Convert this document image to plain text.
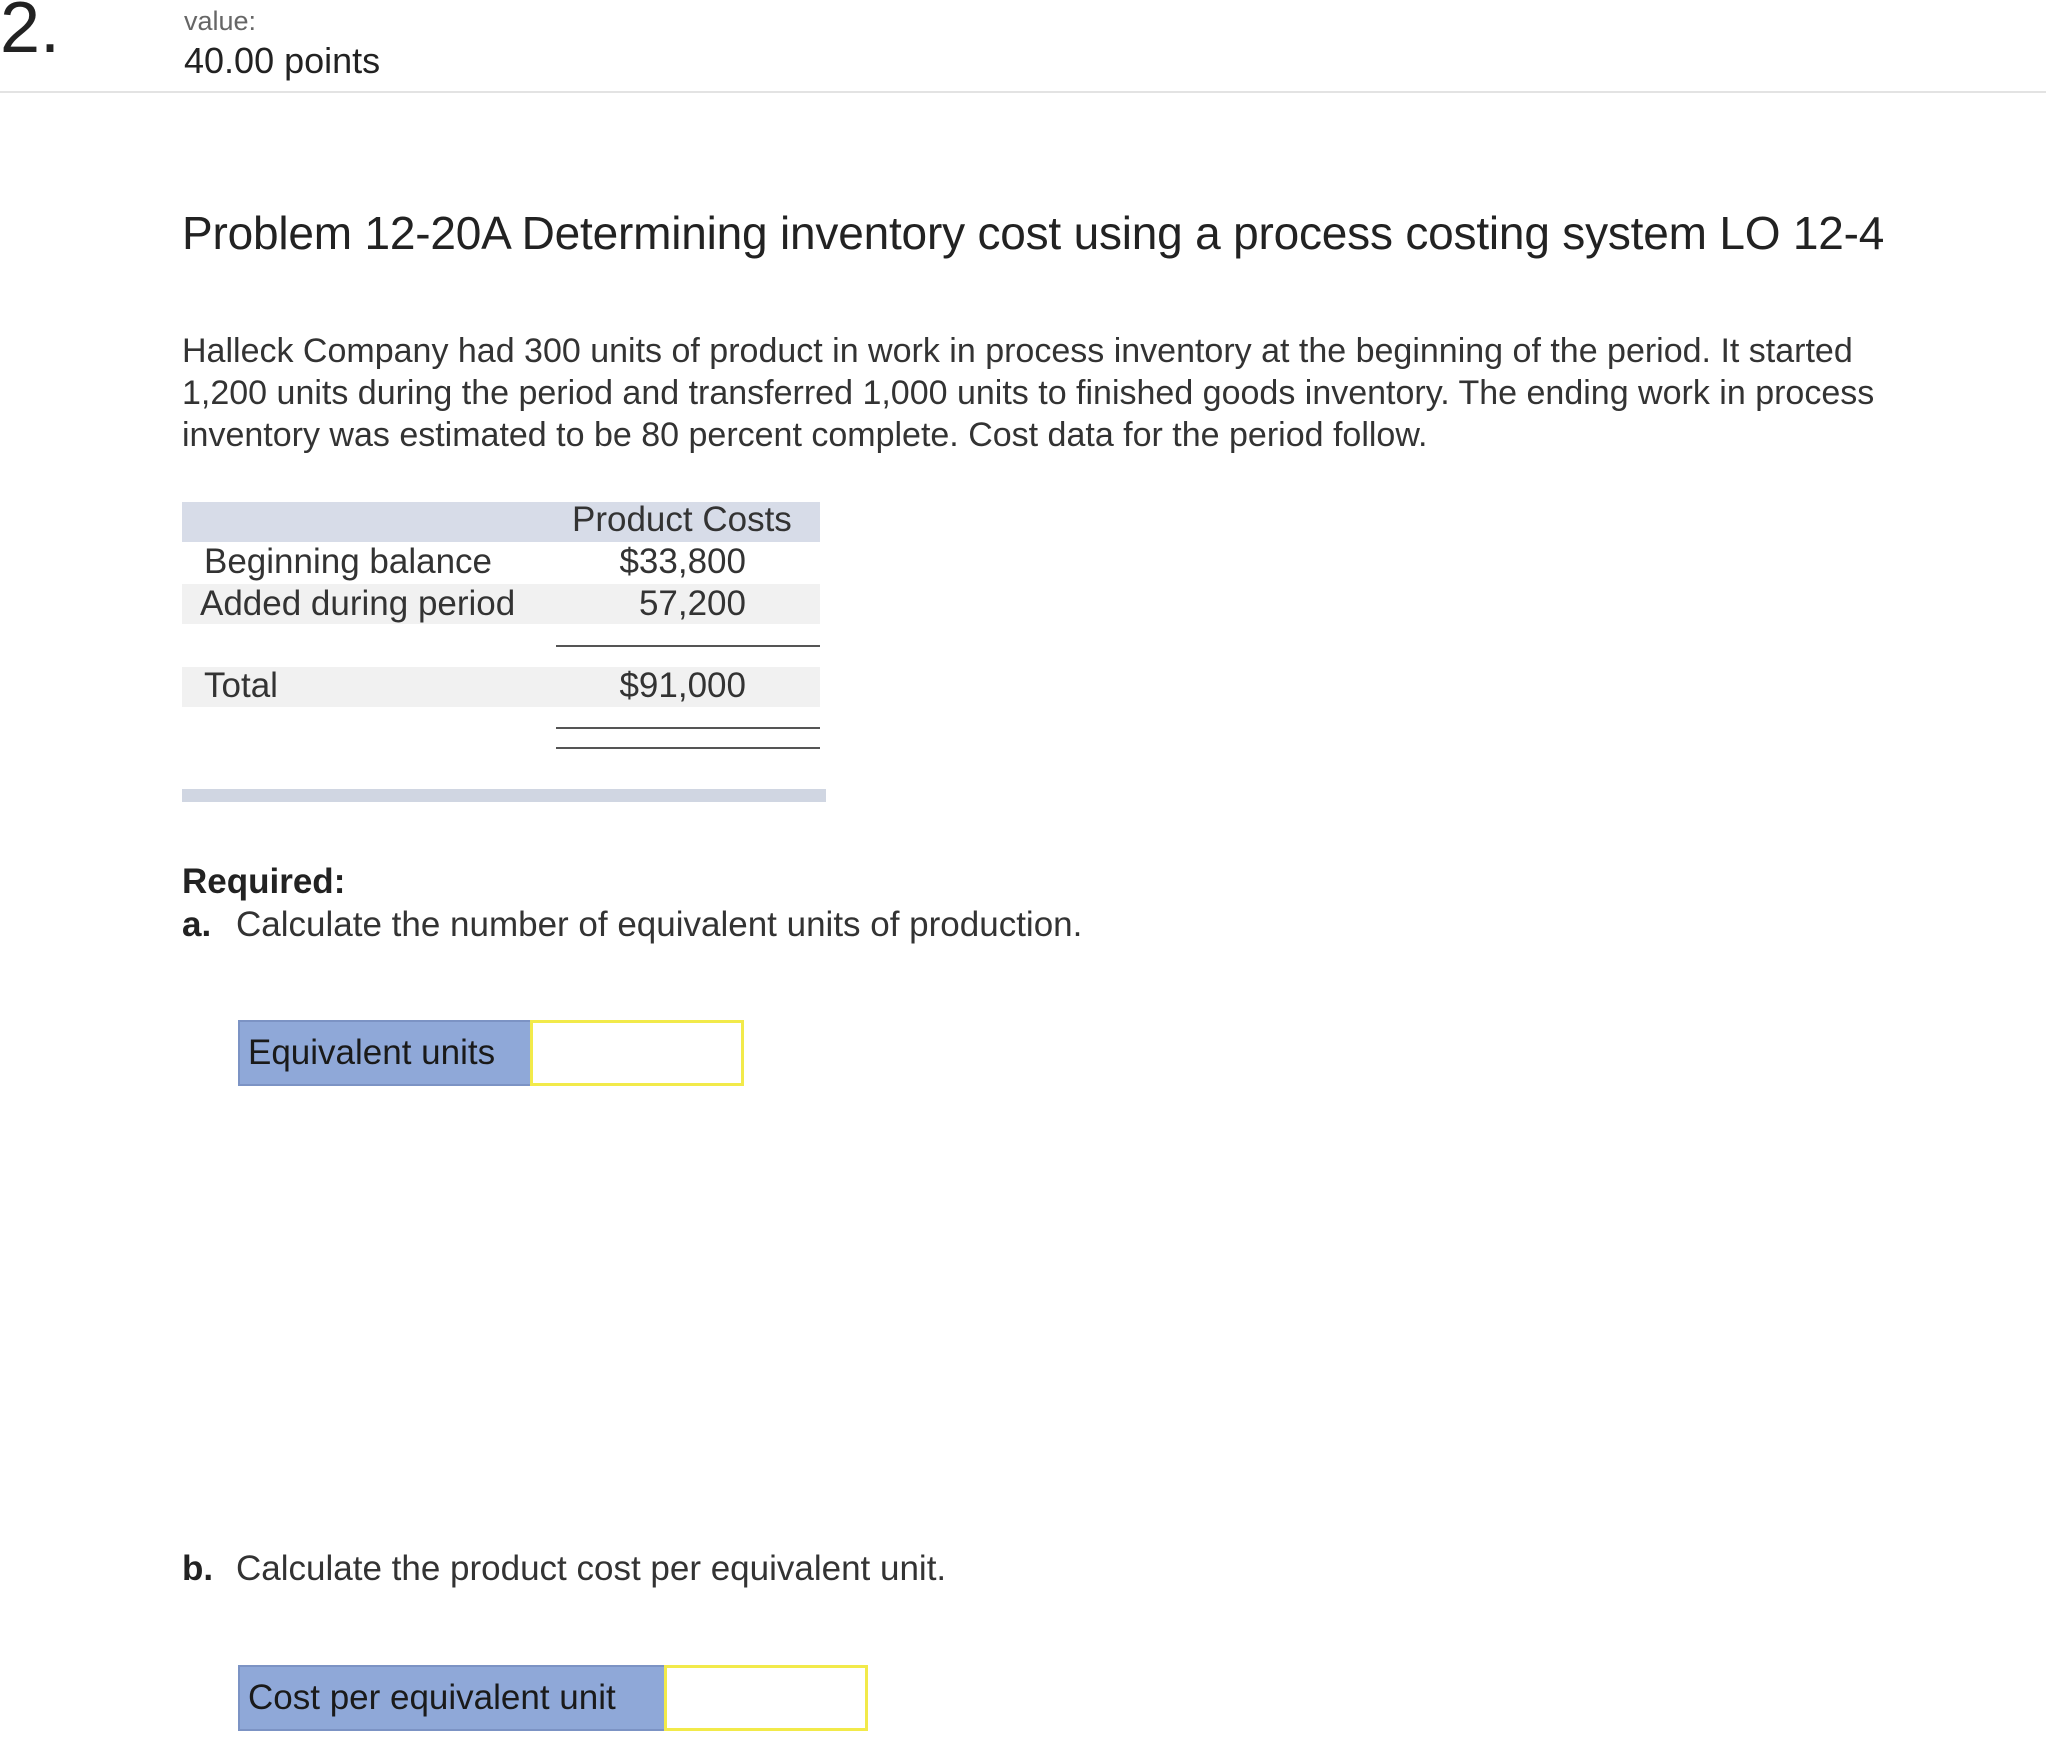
2.	value:
40.00 points
Problem 12-20A Determining inventory cost using a process costing system LO 12-4
Halleck Company had 300 units of product in work in process inventory at the beginning of the period. It started 1,200 units during the period and transferred 1,000 units to finished goods inventory. The ending work in process inventory was estimated to be 80 percent complete. Cost data for the period follow.
Product Costs
Beginning balance	$33,800
Added during period	57,200
Total	$91,000
Required:
a. Calculate the number of equivalent units of production.
Equivalent units
b. Calculate the product cost per equivalent unit.
Cost per equivalent unit
